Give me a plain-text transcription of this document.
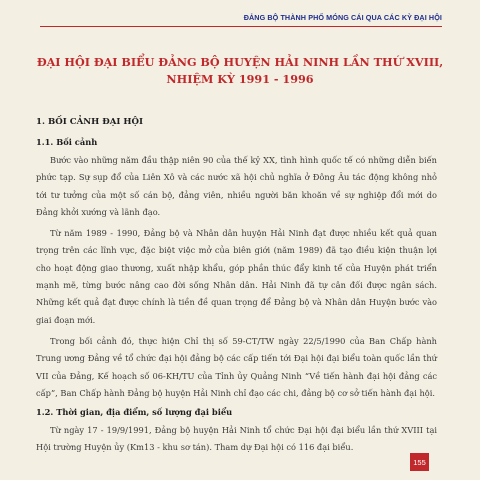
ĐẢNG BỘ THÀNH PHỐ MÓNG CÁI QUA CÁC KỲ ĐẠI HỘI
ĐẠI HỘI ĐẠI BIỂU ĐẢNG BỘ HUYỆN HẢI NINH LẦN THỨ XVIII,
NHIỆM KỲ 1991 - 1996
1. BỐI CẢNH ĐẠI HỘI
1.1. Bối cảnh

Bước vào những năm đầu thập niên 90 của thế kỷ XX, tình hình quốc tế có những diễn biến phức tạp. Sự sụp đổ của Liên Xô và các nước xã hội chủ nghĩa ở Đông Âu tác động không nhỏ tới tư tưởng của một số cán bộ, đảng viên, nhiều người băn khoăn về sự nghiệp đổi mới do Đảng khởi xướng và lãnh đạo.

Từ năm 1989 - 1990, Đảng bộ và Nhân dân huyện Hải Ninh đạt được nhiều kết quả quan trọng trên các lĩnh vực, đặc biệt việc mở của biên giới (năm 1989) đã tạo điều kiện thuận lợi cho hoạt động giao thương, xuất nhập khẩu, góp phần thúc đẩy kinh tế của Huyện phát triển mạnh mẽ, từng bước nâng cao đời sống Nhân dân. Hải Ninh đã tự cân đối được ngân sách. Những kết quả đạt được chính là tiền đề quan trọng để Đảng bộ và Nhân dân Huyện bước vào giai đoạn mới.

Trong bối cảnh đó, thực hiện Chỉ thị số 59-CT/TW ngày 22/5/1990 của Ban Chấp hành Trung ương Đảng về tổ chức đại hội đảng bộ các cấp tiến tới Đại hội đại biểu toàn quốc lần thứ VII của Đảng, Kế hoạch số 06-KH/TU của Tỉnh ủy Quảng Ninh “Về tiến hành đại hội đảng các cấp”, Ban Chấp hành Đảng bộ huyện Hải Ninh chỉ đạo các chi, đảng bộ cơ sở tiến hành đại hội.

1.2. Thời gian, địa điểm, số lượng đại biểu

Từ ngày 17 - 19/9/1991, Đảng bộ huyện Hải Ninh tổ chức Đại hội đại biểu lần thứ XVIII tại Hội trường Huyện ủy (Km13 - khu sơ tán). Tham dự Đại hội có 116 đại biểu.

155
